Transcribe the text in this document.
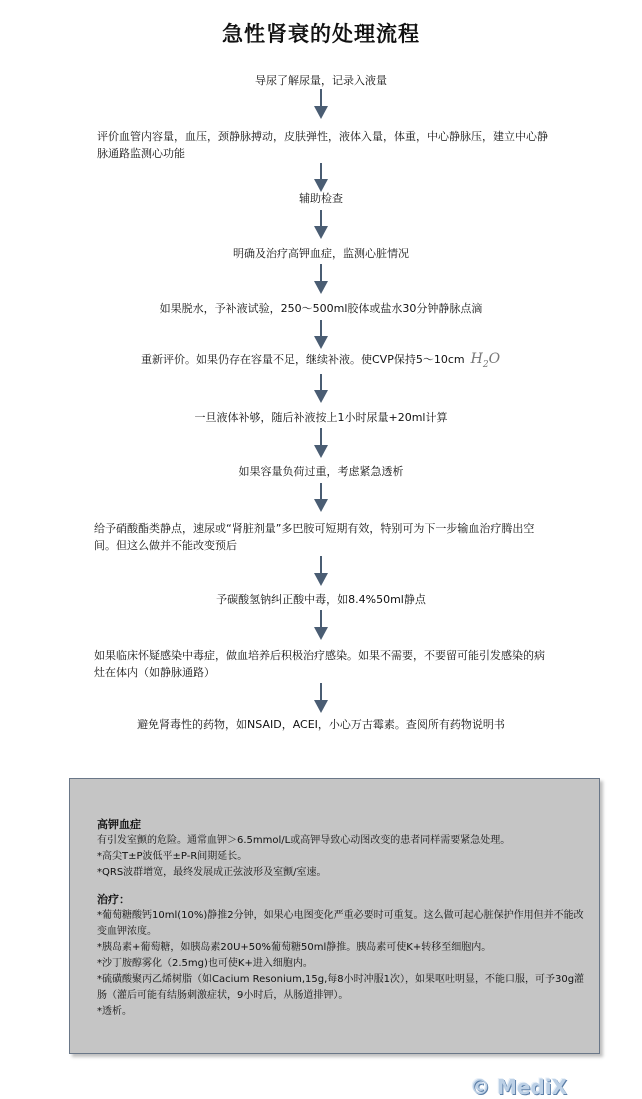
急性肾衰的处理流程
导尿了解尿量，记录入液量
评价血管内容量，血压，颈静脉搏动，皮肤弹性，液体入量，体重，中心静脉压，建立中心静脉通路监测心功能
辅助检查
明确及治疗高钾血症，监测心脏情况
如果脱水，予补液试验，250～500ml胶体或盐水30分钟静脉点滴
重新评价。如果仍存在容量不足，继续补液。使CVP保持5～10cm $H_2O$
一旦液体补够，随后补液按上1小时尿量+20ml计算
如果容量负荷过重，考虑紧急透析
给予硝酸酯类静点，速尿或“肾脏剂量”多巴胺可短期有效，特别可为下一步输血治疗腾出空间。但这么做并不能改变预后
予碳酸氢钠纠正酸中毒，如8.4%50ml静点
如果临床怀疑感染中毒症，做血培养后积极治疗感染。如果不需要，不要留可能引发感染的病灶在体内（如静脉通路）
避免肾毒性的药物，如NSAID，ACEI，小心万古霉素。查阅所有药物说明书

高钾血症

有引发室颤的危险。通常血钾＞6.5mmol/L或高钾导致心动图改变的患者同样需要紧急处理。

*高尖T±P波低平±P-R间期延长。

*QRS波群增宽，最终发展成正弦波形及室颤/室速。

治疗：

*葡萄糖酸钙10ml(10%)静推2分钟，如果心电图变化严重必要时可重复。这么做可起心脏保护作用但并不能改变血钾浓度。

*胰岛素+葡萄糖，如胰岛素20U+50%葡萄糖50ml静推。胰岛素可使K+转移至细胞内。

*沙丁胺醇雾化（2.5mg)也可使K+进入细胞内。

*硫磺酸聚丙乙烯树脂（如Cacium Resonium,15g,每8小时冲服1次），如果呕吐明显，不能口服，可予30g灌肠（灌后可能有结肠刺激症状，9小时后，从肠道排钾）。

*透析。

© MediX
